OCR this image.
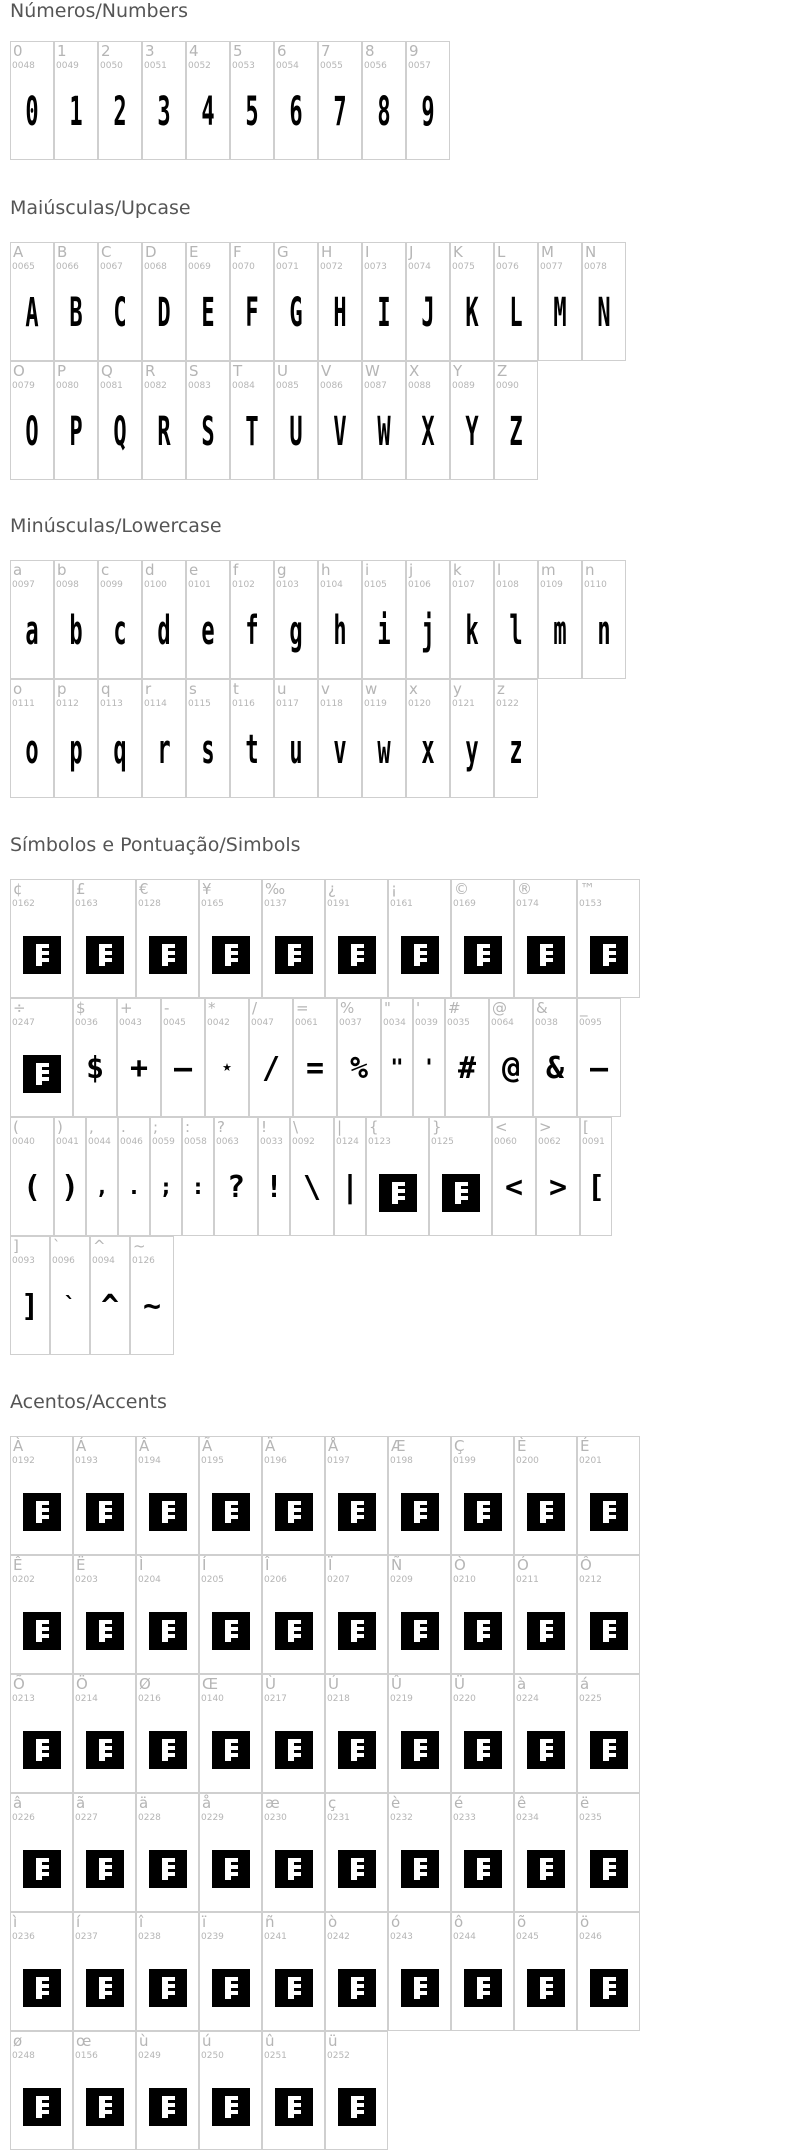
Números/Numbers
0
0048
0
1
0049
1
2
0050
2
3
0051
3
4
0052
4
5
0053
5
6
0054
6
7
0055
7
8
0056
8
9
0057
9
Maiúsculas/Upcase
A
0065
A
B
0066
B
C
0067
C
D
0068
D
E
0069
E
F
0070
F
G
0071
G
H
0072
H
I
0073
I
J
0074
J
K
0075
K
L
0076
L
M
0077
M
N
0078
N
O
0079
O
P
0080
P
Q
0081
Q
R
0082
R
S
0083
S
T
0084
T
U
0085
U
V
0086
V
W
0087
W
X
0088
X
Y
0089
Y
Z
0090
Z
Minúsculas/Lowercase
a
0097
a
b
0098
b
c
0099
c
d
0100
d
e
0101
e
f
0102
f
g
0103
g
h
0104
h
i
0105
i
j
0106
j
k
0107
k
l
0108
l
m
0109
m
n
0110
n
o
0111
o
p
0112
p
q
0113
q
r
0114
r
s
0115
s
t
0116
t
u
0117
u
v
0118
v
w
0119
w
x
0120
x
y
0121
y
z
0122
z
Símbolos e Pontuação/Simbols
¢
0162
£
0163
€
0128
¥
0165
‰
0137
¿
0191
¡
0161
©
0169
®
0174
™
0153
÷
0247
$
0036
$
+
0043
+
-
0045
–
*
0042
⋆
/
0047
/
=
0061
=
%
0037
%
"
0034
"
'
0039
'
#
0035
#
@
0064
@
&
0038
&
_
0095
–
(
0040
(
)
0041
)
,
0044
,
.
0046
.
;
0059
;
:
0058
:
?
0063
?
!
0033
!
\
0092
\
|
0124
|
{
0123
}
0125
<
0060
<
>
0062
>
[
0091
[
]
0093
]
`
0096
`
^
0094
^
~
0126
~
Acentos/Accents
À
0192
Á
0193
Â
0194
Ã
0195
Ä
0196
Å
0197
Æ
0198
Ç
0199
È
0200
É
0201
Ê
0202
Ë
0203
Ì
0204
Í
0205
Î
0206
Ï
0207
Ñ
0209
Ò
0210
Ó
0211
Ô
0212
Õ
0213
Ö
0214
Ø
0216
Œ
0140
Ù
0217
Ú
0218
Û
0219
Ü
0220
à
0224
á
0225
â
0226
ã
0227
ä
0228
å
0229
æ
0230
ç
0231
è
0232
é
0233
ê
0234
ë
0235
ì
0236
í
0237
î
0238
ï
0239
ñ
0241
ò
0242
ó
0243
ô
0244
õ
0245
ö
0246
ø
0248
œ
0156
ù
0249
ú
0250
û
0251
ü
0252
